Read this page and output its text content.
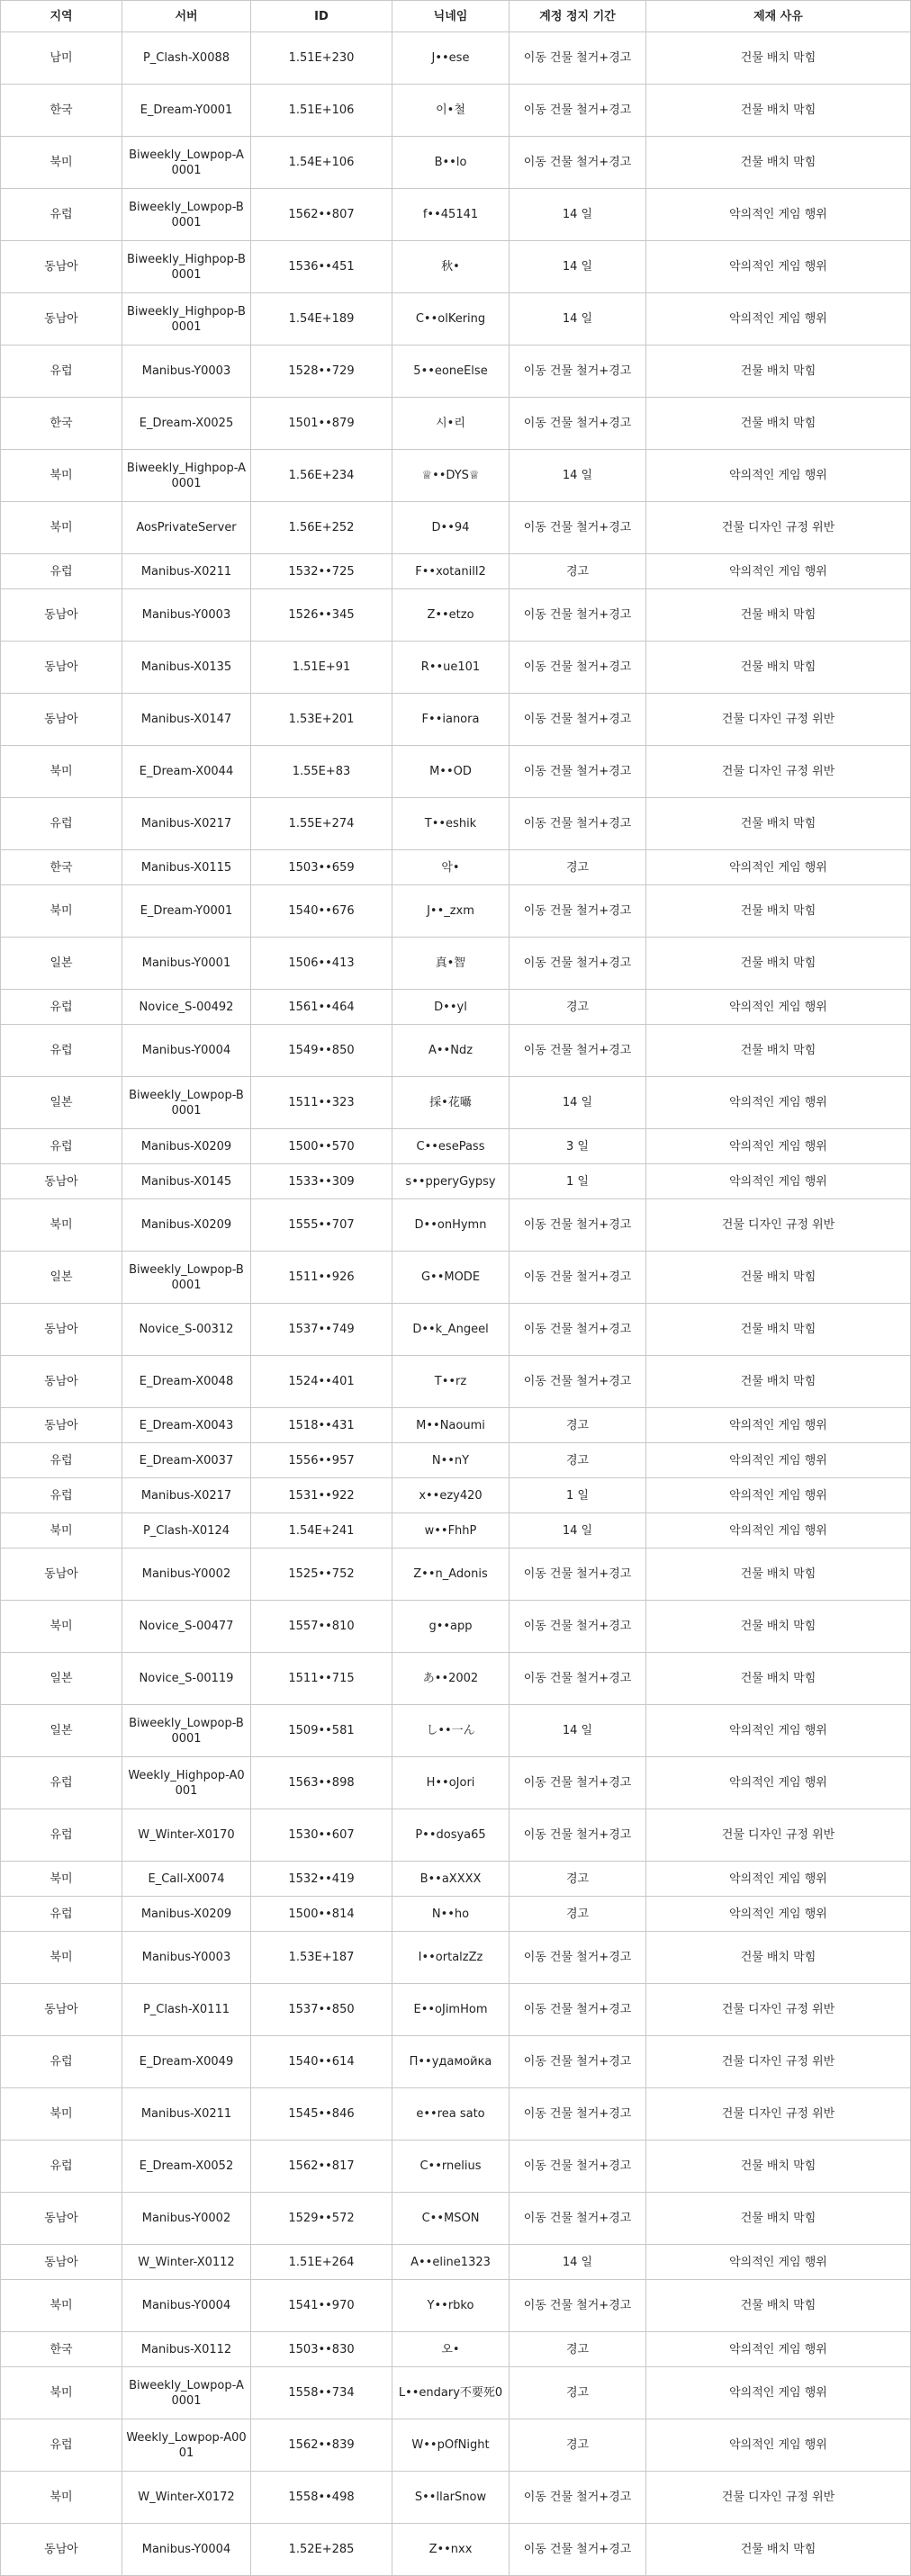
지역	서버	ID	닉네임	계정 정지 기간	제재 사유
남미	P_Clash-X0088	1.51E+230	J••ese	이동 건물 철거+경고	건물 배치 막힘
한국	E_Dream-Y0001	1.51E+106	이•철	이동 건물 철거+경고	건물 배치 막힘
북미	Biweekly_Lowpop-A0001	1.54E+106	B••lo	이동 건물 철거+경고	건물 배치 막힘
유럽	Biweekly_Lowpop-B0001	1562••807	f••45141	14 일	악의적인 게임 행위
동남아	Biweekly_Highpop-B0001	1536••451	秋•	14 일	악의적인 게임 행위
동남아	Biweekly_Highpop-B0001	1.54E+189	C••olKering	14 일	악의적인 게임 행위
유럽	Manibus-Y0003	1528••729	5••eoneElse	이동 건물 철거+경고	건물 배치 막힘
한국	E_Dream-X0025	1501••879	시•리	이동 건물 철거+경고	건물 배치 막힘
북미	Biweekly_Highpop-A0001	1.56E+234	♕••DYS♕	14 일	악의적인 게임 행위
북미	AosPrivateServer	1.56E+252	D••94	이동 건물 철거+경고	건물 디자인 규정 위반
유럽	Manibus-X0211	1532••725	F••xotanill2	경고	악의적인 게임 행위
동남아	Manibus-Y0003	1526••345	Z••etzo	이동 건물 철거+경고	건물 배치 막힘
동남아	Manibus-X0135	1.51E+91	R••ue101	이동 건물 철거+경고	건물 배치 막힘
동남아	Manibus-X0147	1.53E+201	F••ianora	이동 건물 철거+경고	건물 디자인 규정 위반
북미	E_Dream-X0044	1.55E+83	M••OD	이동 건물 철거+경고	건물 디자인 규정 위반
유럽	Manibus-X0217	1.55E+274	T••eshik	이동 건물 철거+경고	건물 배치 막힘
한국	Manibus-X0115	1503••659	악•	경고	악의적인 게임 행위
북미	E_Dream-Y0001	1540••676	J••_zxm	이동 건물 철거+경고	건물 배치 막힘
일본	Manibus-Y0001	1506••413	真•智	이동 건물 철거+경고	건물 배치 막힘
유럽	Novice_S-00492	1561••464	D••yl	경고	악의적인 게임 행위
유럽	Manibus-Y0004	1549••850	A••Ndz	이동 건물 철거+경고	건물 배치 막힘
일본	Biweekly_Lowpop-B0001	1511••323	採•花囁	14 일	악의적인 게임 행위
유럽	Manibus-X0209	1500••570	C••esePass	3 일	악의적인 게임 행위
동남아	Manibus-X0145	1533••309	s••pperyGypsy	1 일	악의적인 게임 행위
북미	Manibus-X0209	1555••707	D••onHymn	이동 건물 철거+경고	건물 디자인 규정 위반
일본	Biweekly_Lowpop-B0001	1511••926	G••MODE	이동 건물 철거+경고	건물 배치 막힘
동남아	Novice_S-00312	1537••749	D••k_Angeel	이동 건물 철거+경고	건물 배치 막힘
동남아	E_Dream-X0048	1524••401	T••rz	이동 건물 철거+경고	건물 배치 막힘
동남아	E_Dream-X0043	1518••431	M••Naoumi	경고	악의적인 게임 행위
유럽	E_Dream-X0037	1556••957	N••nY	경고	악의적인 게임 행위
유럽	Manibus-X0217	1531••922	x••ezy420	1 일	악의적인 게임 행위
북미	P_Clash-X0124	1.54E+241	w••FhhP	14 일	악의적인 게임 행위
동남아	Manibus-Y0002	1525••752	Z••n_Adonis	이동 건물 철거+경고	건물 배치 막힘
북미	Novice_S-00477	1557••810	g••app	이동 건물 철거+경고	건물 배치 막힘
일본	Novice_S-00119	1511••715	あ••2002	이동 건물 철거+경고	건물 배치 막힘
일본	Biweekly_Lowpop-B0001	1509••581	し••一ん	14 일	악의적인 게임 행위
유럽	Weekly_Highpop-A0001	1563••898	H••oJori	이동 건물 철거+경고	악의적인 게임 행위
유럽	W_Winter-X0170	1530••607	P••dosya65	이동 건물 철거+경고	건물 디자인 규정 위반
북미	E_Call-X0074	1532••419	B••aXXXX	경고	악의적인 게임 행위
유럽	Manibus-X0209	1500••814	N••ho	경고	악의적인 게임 행위
북미	Manibus-Y0003	1.53E+187	I••ortalzZz	이동 건물 철거+경고	건물 배치 막힘
동남아	P_Clash-X0111	1537••850	E••oJimHom	이동 건물 철거+경고	건물 디자인 규정 위반
유럽	E_Dream-X0049	1540••614	П••удамойка	이동 건물 철거+경고	건물 디자인 규정 위반
북미	Manibus-X0211	1545••846	e••rea sato	이동 건물 철거+경고	건물 디자인 규정 위반
유럽	E_Dream-X0052	1562••817	C••rnelius	이동 건물 철거+경고	건물 배치 막힘
동남아	Manibus-Y0002	1529••572	C••MSON	이동 건물 철거+경고	건물 배치 막힘
동남아	W_Winter-X0112	1.51E+264	A••eline1323	14 일	악의적인 게임 행위
북미	Manibus-Y0004	1541••970	Y••rbko	이동 건물 철거+경고	건물 배치 막힘
한국	Manibus-X0112	1503••830	오•	경고	악의적인 게임 행위
북미	Biweekly_Lowpop-A0001	1558••734	L••endary不要死0	경고	악의적인 게임 행위
유럽	Weekly_Lowpop-A0001	1562••839	W••pOfNight	경고	악의적인 게임 행위
북미	W_Winter-X0172	1558••498	S••llarSnow	이동 건물 철거+경고	건물 디자인 규정 위반
동남아	Manibus-Y0004	1.52E+285	Z••nxx	이동 건물 철거+경고	건물 배치 막힘
